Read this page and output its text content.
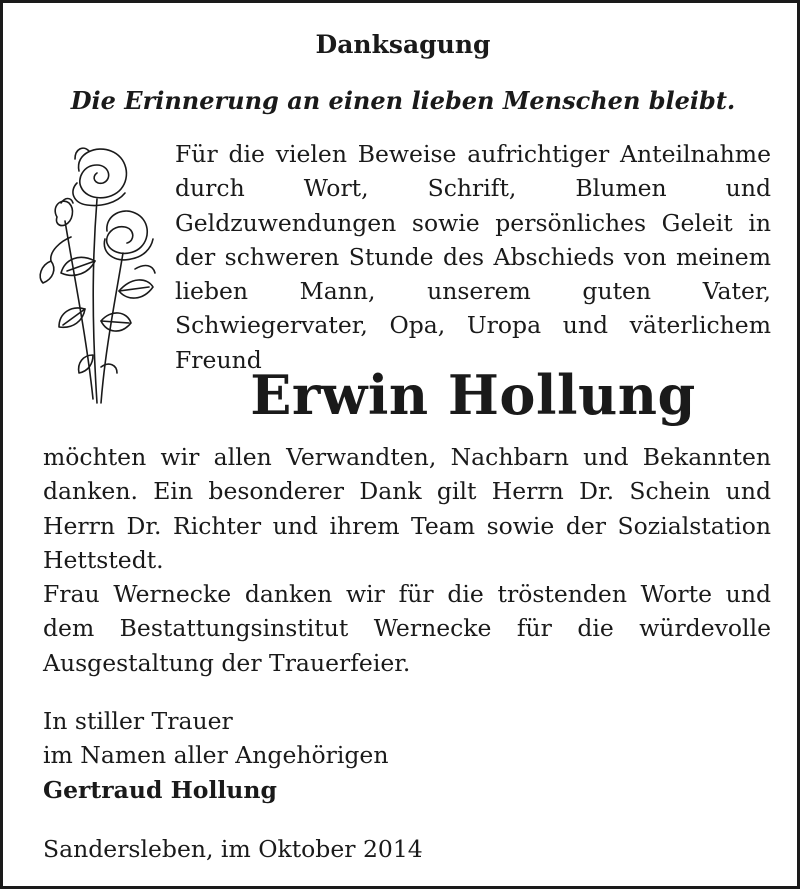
Danksagung
Die Erinnerung an einen lieben Menschen bleibt.

Für die vielen Beweise aufrichtiger Anteilnahme durch Wort, Schrift, Blumen und Geldzuwendungen sowie persönliches Geleit in der schweren Stunde des Abschieds von meinem lieben Mann, unserem guten Vater, Schwiegervater, Opa, Uropa und väterlichem Freund

Erwin Hollung

möchten wir allen Verwandten, Nachbarn und Bekannten danken. Ein besonderer Dank gilt Herrn Dr. Schein und Herrn Dr. Richter und ihrem Team sowie der Sozialstation Hettstedt.

Frau Wernecke danken wir für die tröstenden Worte und dem Bestattungsinstitut Wernecke für die würdevolle Ausgestaltung der Trauerfeier.

In stiller Trauer
im Namen aller Angehörigen
Gertraud Hollung
Sandersleben, im Oktober 2014
